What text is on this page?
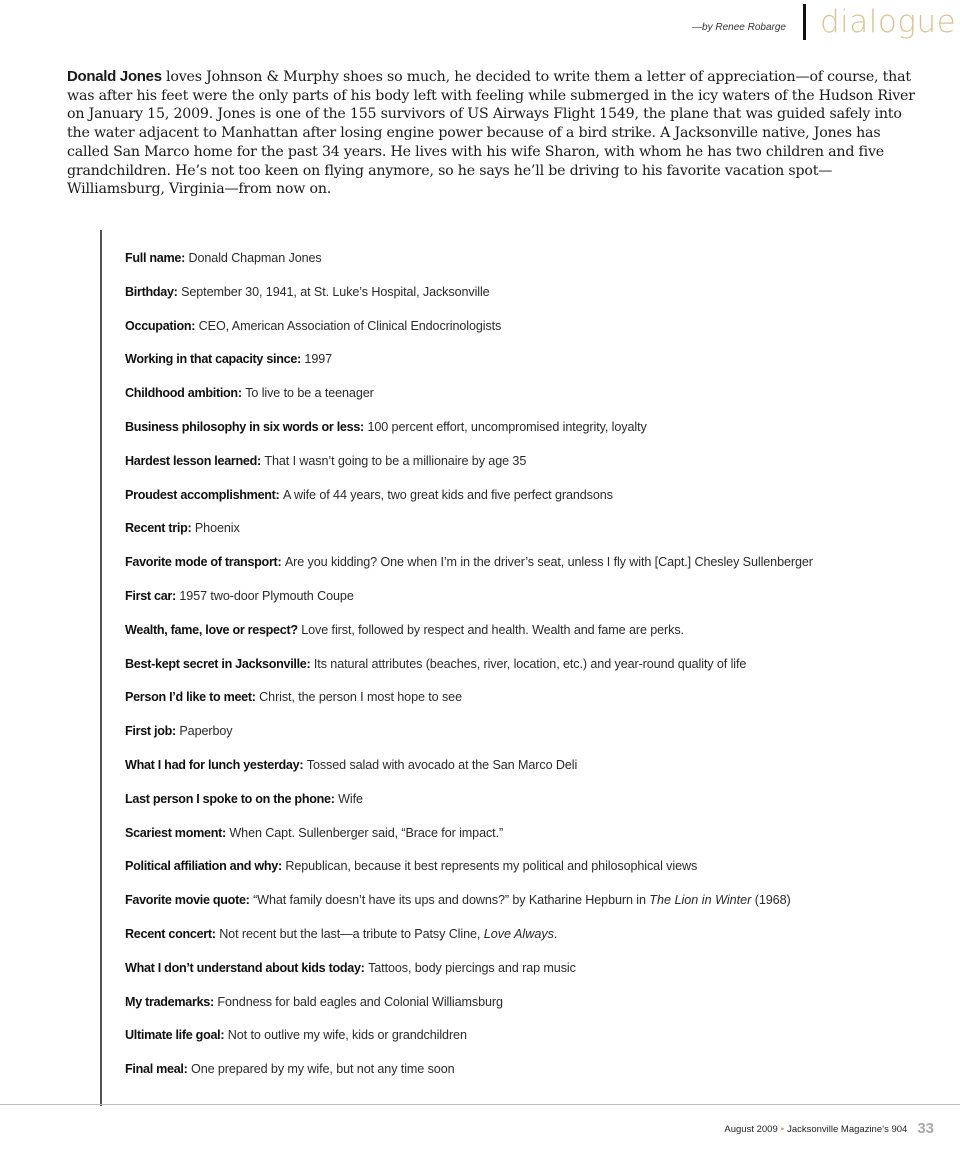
—by Renee Robarge dialogue

Donald Jones loves Johnson & Murphy shoes so much, he decided to write them a letter of appreciation—of course, that was after his feet were the only parts of his body left with feeling while submerged in the icy waters of the Hudson River on January 15, 2009. Jones is one of the 155 survivors of US Airways Flight 1549, the plane that was guided safely into the water adjacent to Manhattan after losing engine power because of a bird strike. A Jacksonville native, Jones has called San Marco home for the past 34 years. He lives with his wife Sharon, with whom he has two children and five grandchildren. He’s not too keen on flying anymore, so he says he’ll be driving to his favorite vacation spot—Williamsburg, Virginia—from now on.

Full name: Donald Chapman Jones
Birthday: September 30, 1941, at St. Luke’s Hospital, Jacksonville
Occupation: CEO, American Association of Clinical Endocrinologists
Working in that capacity since: 1997
Childhood ambition: To live to be a teenager
Business philosophy in six words or less: 100 percent effort, uncompromised integrity, loyalty
Hardest lesson learned: That I wasn’t going to be a millionaire by age 35
Proudest accomplishment: A wife of 44 years, two great kids and five perfect grandsons
Recent trip: Phoenix
Favorite mode of transport: Are you kidding? One when I’m in the driver’s seat, unless I fly with [Capt.] Chesley Sullenberger
First car: 1957 two-door Plymouth Coupe
Wealth, fame, love or respect? Love first, followed by respect and health. Wealth and fame are perks.
Best-kept secret in Jacksonville: Its natural attributes (beaches, river, location, etc.) and year-round quality of life
Person I’d like to meet: Christ, the person I most hope to see
First job: Paperboy
What I had for lunch yesterday: Tossed salad with avocado at the San Marco Deli
Last person I spoke to on the phone: Wife
Scariest moment: When Capt. Sullenberger said, “Brace for impact.”
Political affiliation and why: Republican, because it best represents my political and philosophical views
Favorite movie quote: “What family doesn’t have its ups and downs?” by Katharine Hepburn in The Lion in Winter (1968)
Recent concert: Not recent but the last—a tribute to Patsy Cline, Love Always.
What I don’t understand about kids today: Tattoos, body piercings and rap music
My trademarks: Fondness for bald eagles and Colonial Williamsburg
Ultimate life goal: Not to outlive my wife, kids or grandchildren
Final meal: One prepared by my wife, but not any time soon
August 2009 • Jacksonville Magazine’s 904 33
